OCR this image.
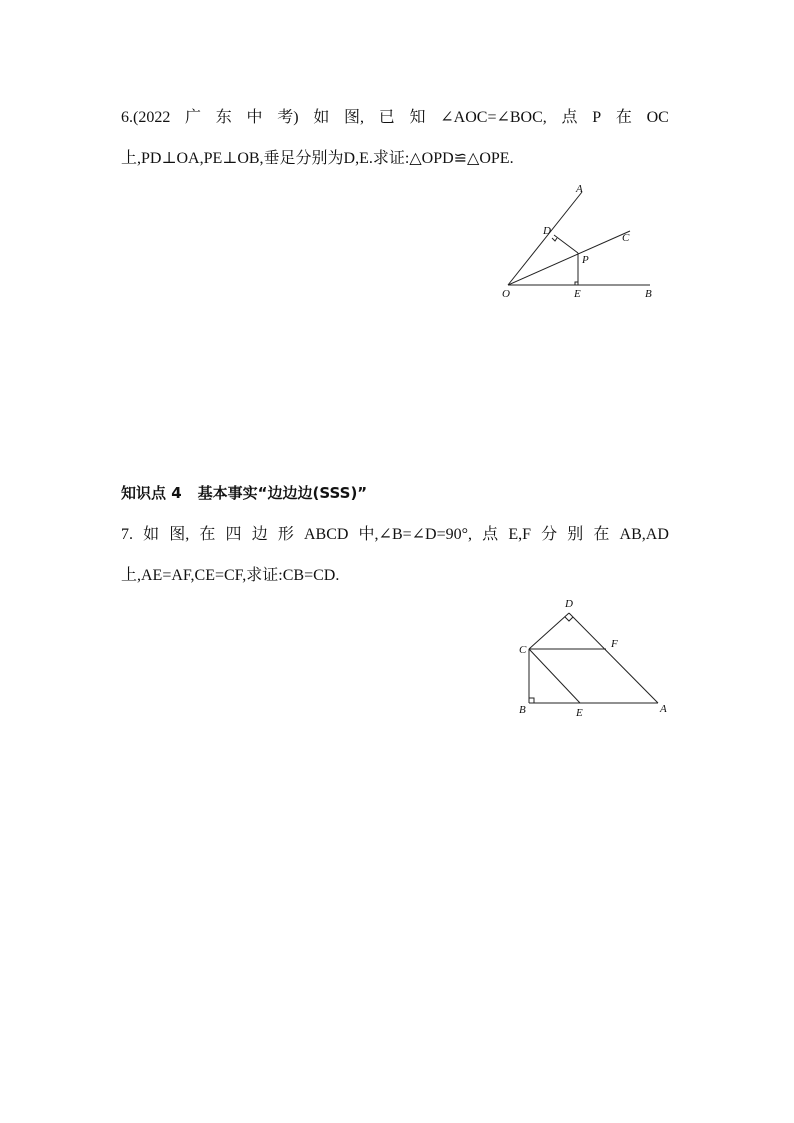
6.(2022 广 东 中 考) 如 图, 已 知 ∠AOC=∠BOC, 点 P 在 OC
上,PD⊥OA,PE⊥OB,垂足分别为D,E.求证:△OPD≌△OPE.
A
C
D
P
O	E	B
知识点 4 基本事实“边边边(SSS)”
7. 如 图, 在 四 边 形 ABCD 中,∠B=∠D=90°, 点 E,F 分 别 在 AB,AD
上,AE=AF,CE=CF,求证:CB=CD.
D
C	F
B	E	A
